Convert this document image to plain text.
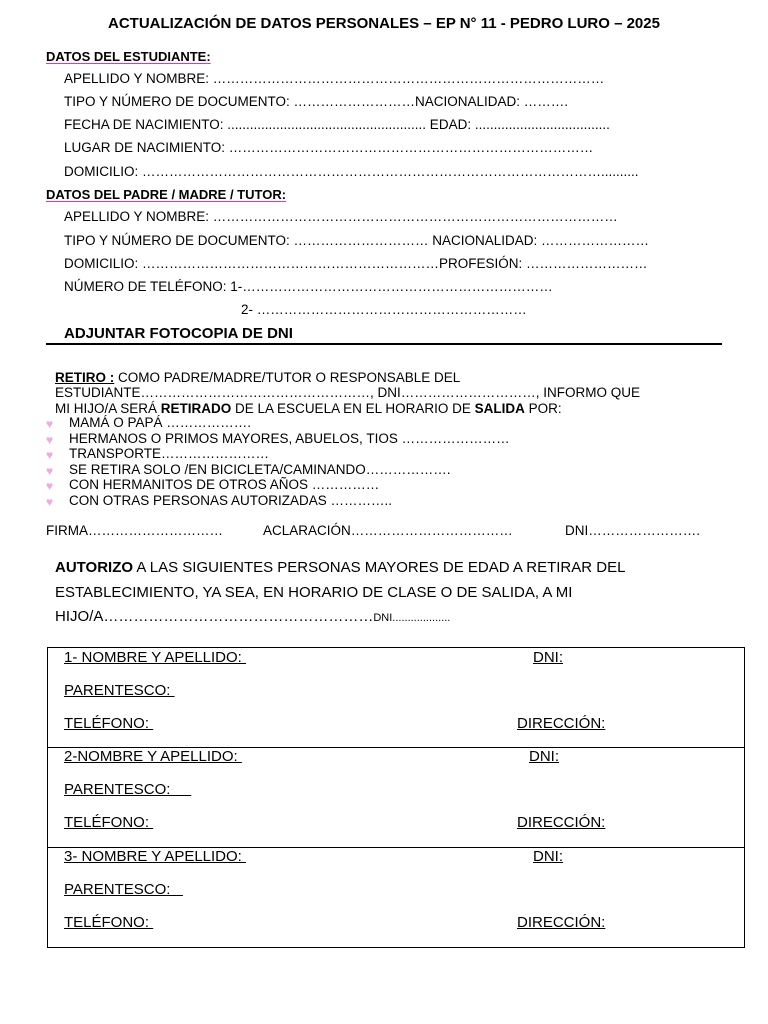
ACTUALIZACIÓN DE DATOS PERSONALES – EP N° 11 - PEDRO LURO – 2025
DATOS DEL ESTUDIANTE:
APELLIDO Y NOMBRE: ……………………………………………………………………………
TIPO Y NÚMERO DE DOCUMENTO: ………………………NACIONALIDAD: ……….
FECHA DE NACIMIENTO: ..................................................... EDAD: ....................................
LUGAR DE NACIMIENTO: ………………………………………………………………………
DOMICILIO: …………………………………………………………………………………………..........
DATOS DEL PADRE / MADRE / TUTOR:
APELLIDO Y NOMBRE: ………………………………………………………………………………
TIPO Y NÚMERO DE DOCUMENTO: ………………………… NACIONALIDAD: ……………………
DOMICILIO: …………………………………………………………PROFESIÓN: ………………………
NÚMERO DE TELÉFONO: 1-……………………………………………………………
2- ……………………………………………………
ADJUNTAR FOTOCOPIA DE DNI
RETIRO : COMO PADRE/MADRE/TUTOR O RESPONSABLE DEL
ESTUDIANTE……………………………………………, DNI…………………………, INFORMO QUE
MI HIJO/A SERÁ RETIRADO DE LA ESCUELA EN EL HORARIO DE SALIDA POR:
♥ MAMÁ O PAPÁ ……………….
♥ HERMANOS O PRIMOS MAYORES, ABUELOS, TIOS ……………………
♥ TRANSPORTE……………………
♥ SE RETIRA SOLO /EN BICICLETA/CAMINANDO……………….
♥ CON HERMANITOS DE OTROS AÑOS ……………
♥ CON OTRAS PERSONAS AUTORIZADAS …………..
FIRMA…………………………	ACLARACIÓN………………………………	DNI…………………….
AUTORIZO A LAS SIGUIENTES PERSONAS MAYORES DE EDAD A RETIRAR DEL
ESTABLECIMIENTO, YA SEA, EN HORARIO DE CLASE O DE SALIDA, A MI
HIJO/A………………………………………………DNI...................
1- NOMBRE Y APELLIDO:	DNI:
PARENTESCO:
TELÉFONO:	DIRECCIÓN:
2-NOMBRE Y APELLIDO:	DNI:
PARENTESCO:
TELÉFONO:	DIRECCIÓN:
3- NOMBRE Y APELLIDO:	DNI:
PARENTESCO:
TELÉFONO:	DIRECCIÓN:
